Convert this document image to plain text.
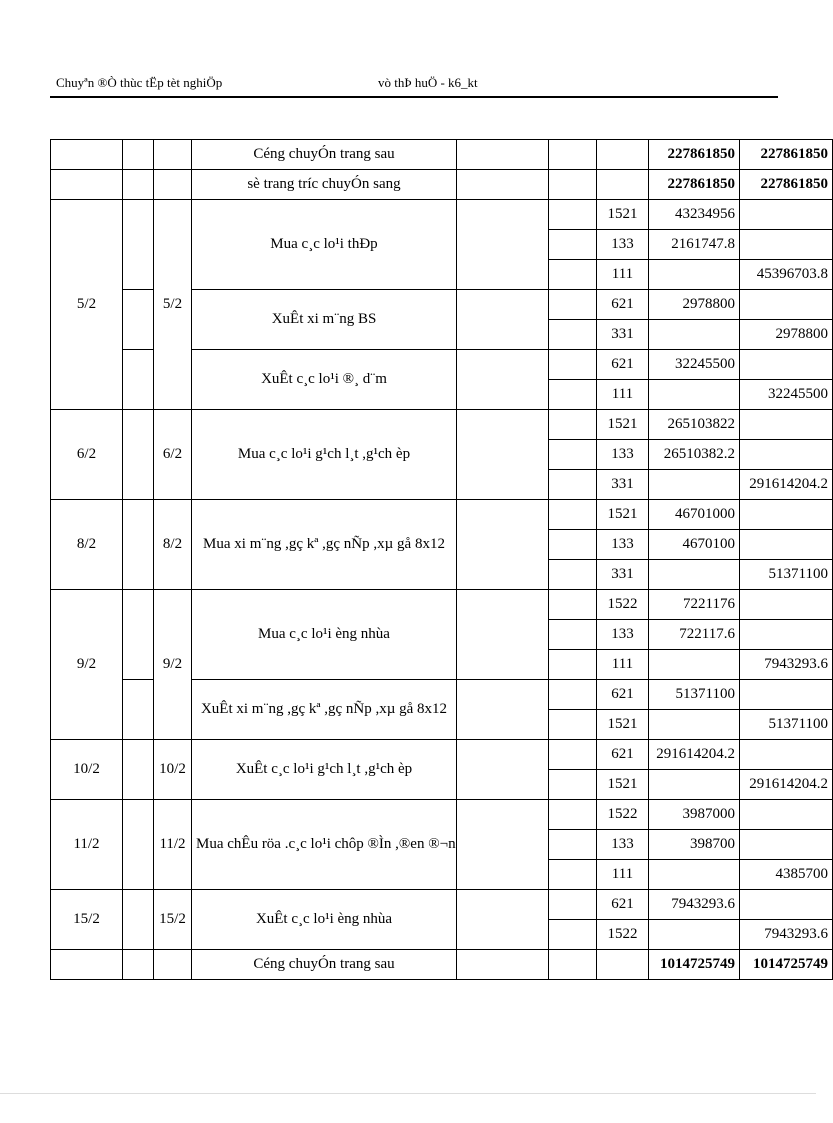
Chuyªn ®Ò thùc tËp tèt nghiÖp	vò thÞ huÖ - k6_kt
			Céng chuyÓn trang sau				227861850	227861850
			sè trang tríc chuyÓn sang				227861850	227861850
5/2		5/2	Mua c¸c lo¹i thÐp			1521	43234956	
						133	2161747.8	
						111		45396703.8
			XuÊt xi m¨ng BS			621	2978800	
						331		2978800
			XuÊt c¸c lo¹i ®¸ d¨m			621	32245500	
						111		32245500
6/2		6/2	Mua c¸c lo¹i g¹ch l¸t ,g¹ch èp			1521	265103822	
						133	26510382.2	
						331		291614204.2
8/2		8/2	Mua xi m¨ng ,gç kª ,gç nÑp ,xµ gå 8x12			1521	46701000	
						133	4670100	
						331		51371100
9/2		9/2	Mua c¸c lo¹i èng nhùa			1522	7221176	
						133	722117.6	
						111		7943293.6
			XuÊt xi m¨ng ,gç kª ,gç nÑp ,xµ gå 8x12			621	51371100	
						1521		51371100
10/2		10/2	XuÊt c¸c lo¹i g¹ch l¸t ,g¹ch èp			621	291614204.2	
						1521		291614204.2
11/2		11/2	Mua chÊu röa .c¸c lo¹i chôp ®Ìn ,®en ®¬n			1522	3987000	
						133	398700	
						111		4385700
15/2		15/2	XuÊt c¸c lo¹i èng nhùa			621	7943293.6	
						1522		7943293.6
			Céng chuyÓn trang sau				1014725749	1014725749
